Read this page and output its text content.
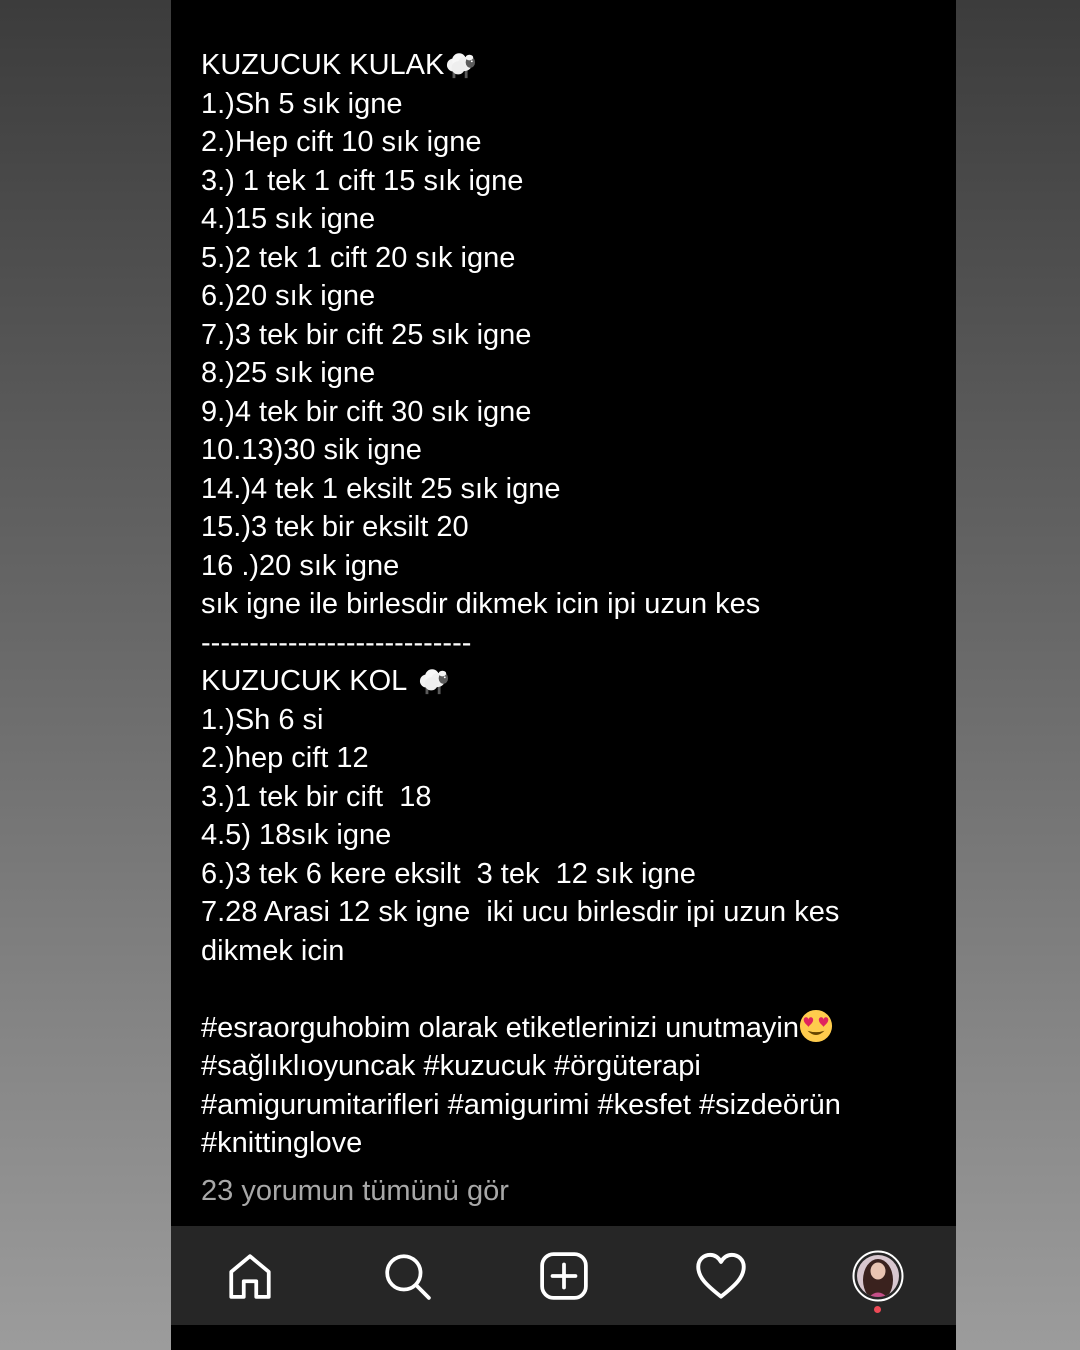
KUZUCUK KULAK
1.)Sh 5 sık igne
2.)Hep cift 10 sık igne
3.) 1 tek 1 cift 15 sık igne
4.)15 sık igne
5.)2 tek 1 cift 20 sık igne
6.)20 sık igne
7.)3 tek bir cift 25 sık igne
8.)25 sık igne
9.)4 tek bir cift 30 sık igne
10.13)30 sik igne
14.)4 tek 1 eksilt 25 sık igne
15.)3 tek bir eksilt 20
16 .)20 sık igne
sık igne ile birlesdir dikmek icin ipi uzun kes
----------------------------
KUZUCUK KOL
1.)Sh 6 si
2.)hep cift 12
3.)1 tek bir cift  18
4.5) 18sık igne
6.)3 tek 6 kere eksilt  3 tek  12 sık igne
7.28 Arasi 12 sk igne  iki ucu birlesdir ipi uzun kes
dikmek icin
#esraorguhobim olarak etiketlerinizi unutmayin
#sağlıklıoyuncak #kuzucuk #örgüterapi
#amigurumitarifleri #amigurimi #kesfet #sizdeörün
#knittinglove
23 yorumun tümünü gör
